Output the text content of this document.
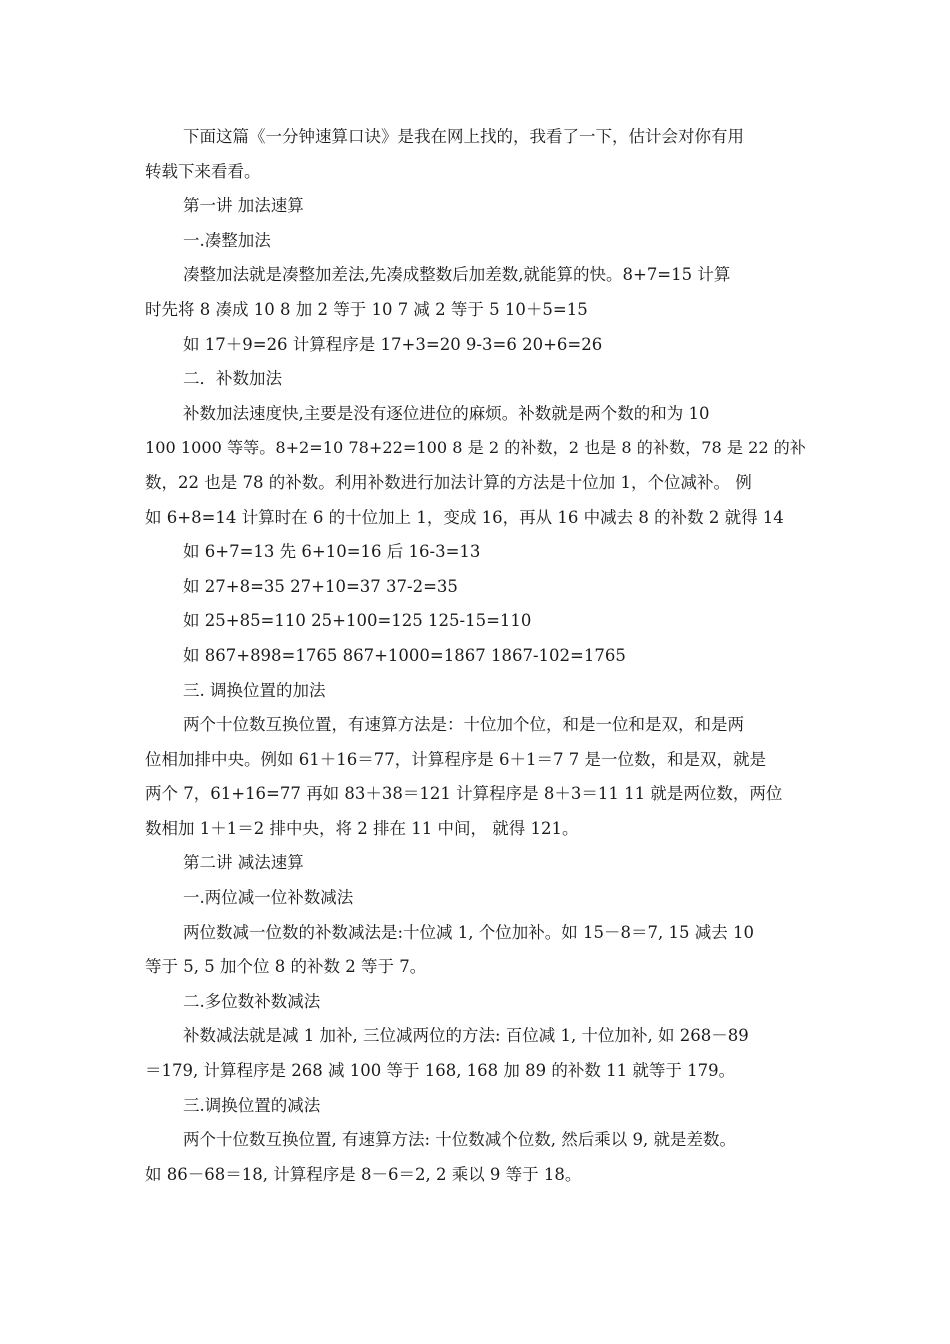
下面这篇《一分钟速算口诀》是我在网上找的，我看了一下，估计会对你有用
转载下来看看。
第一讲 加法速算
一.凑整加法
凑整加法就是凑整加差法,先凑成整数后加差数,就能算的快。8+7=15 计算
时先将 8 凑成 10 8 加 2 等于 10 7 减 2 等于 5 10＋5=15
如 17＋9=26 计算程序是 17+3=20 9-3=6 20+6=26
二．补数加法
补数加法速度快,主要是没有逐位进位的麻烦。补数就是两个数的和为 10
100 1000 等等。8+2=10 78+22=100 8 是 2 的补数，2 也是 8 的补数，78 是 22 的补
数，22 也是 78 的补数。利用补数进行加法计算的方法是十位加 1，个位减补。 例
如 6+8=14 计算时在 6 的十位加上 1，变成 16，再从 16 中减去 8 的补数 2 就得 14
如 6+7=13 先 6+10=16 后 16-3=13
如 27+8=35 27+10=37 37-2=35
如 25+85=110 25+100=125 125-15=110
如 867+898=1765 867+1000=1867 1867-102=1765
三. 调换位置的加法
两个十位数互换位置，有速算方法是：十位加个位，和是一位和是双，和是两
位相加排中央。例如 61＋16＝77，计算程序是 6＋1＝7 7 是一位数，和是双，就是
两个 7，61+16=77 再如 83＋38＝121 计算程序是 8＋3＝11 11 就是两位数，两位
数相加 1＋1＝2 排中央，将 2 排在 11 中间， 就得 121。
第二讲 减法速算
一.两位减一位补数减法
两位数减一位数的补数减法是:十位减 1, 个位加补。如 15－8＝7, 15 减去 10
等于 5, 5 加个位 8 的补数 2 等于 7。
二.多位数补数减法
补数减法就是减 1 加补, 三位减两位的方法: 百位减 1, 十位加补, 如 268－89
＝179, 计算程序是 268 减 100 等于 168, 168 加 89 的补数 11 就等于 179。
三.调换位置的减法
两个十位数互换位置, 有速算方法: 十位数减个位数, 然后乘以 9, 就是差数。
如 86－68＝18, 计算程序是 8－6＝2, 2 乘以 9 等于 18。
